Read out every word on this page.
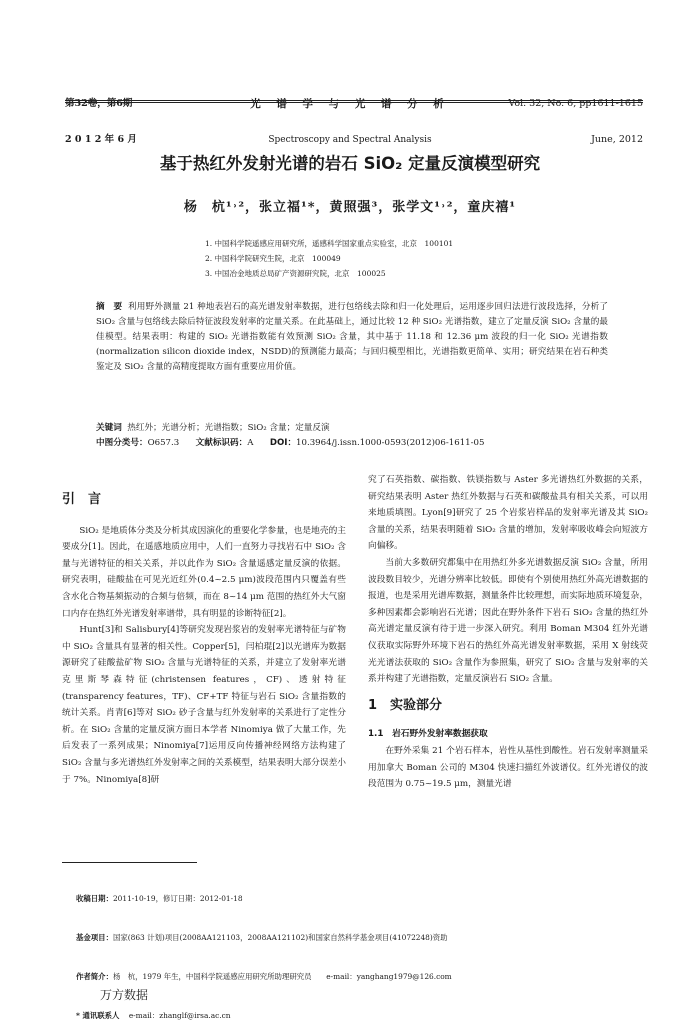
第32卷，第6期

2 0 1 2 年 6 月

光 谱 学 与 光 谱 分 析

Spectroscopy and Spectral Analysis

Vol. 32, No. 6, pp1611-1615

June, 2012

基于热红外发射光谱的岩石 SiO₂ 定量反演模型研究
杨　杭¹˒²，张立福¹*，黄照强³，张学文¹˒²，童庆禧¹
1. 中国科学院遥感应用研究所，遥感科学国家重点实验室，北京　100101
2. 中国科学院研究生院，北京　100049
3. 中国冶金地质总局矿产资源研究院，北京　100025
摘　要 利用野外测量 21 种地表岩石的高光谱发射率数据，进行包络线去除和归一化处理后，运用逐步回归法进行波段选择，分析了 SiO₂ 含量与包络线去除后特征波段发射率的定量关系。在此基础上，通过比较 12 种 SiO₂ 光谱指数，建立了定量反演 SiO₂ 含量的最佳模型。结果表明：构建的 SiO₂ 光谱指数能有效预测 SiO₂ 含量，其中基于 11.18 和 12.36 μm 波段的归一化 SiO₂ 光谱指数(normalization silicon dioxide index，NSDD)的预测能力最高；与回归模型相比，光谱指数更简单、实用；研究结果在岩石种类鉴定及 SiO₂ 含量的高精度提取方面有重要应用价值。
关键词 热红外；光谱分析；光谱指数；SiO₂ 含量；定量反演
中图分类号：O657.3 文献标识码：A DOI：10.3964/j.issn.1000-0593(2012)06-1611-05
引　言

SiO₂ 是地质体分类及分析其成因演化的重要化学参量，也是地壳的主要成分[1]。因此，在遥感地质应用中，人们一直努力寻找岩石中 SiO₂ 含量与光谱特征的相关关系，并以此作为 SiO₂ 含量遥感定量反演的依据。研究表明，硅酸盐在可见光近红外(0.4~2.5 μm)波段范围内只覆盖有些含水化合物基频振动的合频与倍频，而在 8~14 μm 范围的热红外大气窗口内存在热红外光谱发射率谱带，具有明显的诊断特征[2]。

Hunt[3]和 Salisbury[4]等研究发现岩浆岩的发射率光谱特征与矿物中 SiO₂ 含量具有显著的相关性。Copper[5]，闫柏琨[2]以光谱库为数据源研究了硅酸盐矿物 SiO₂ 含量与光谱特征的关系，并建立了发射率光谱克里斯琴森特征(christensen features，CF)、透射特征(transparency features，TF)、CF+TF 特征与岩石 SiO₂ 含量指数的统计关系。肖青[6]等对 SiO₂ 砂子含量与红外发射率的关系进行了定性分析。在 SiO₂ 含量的定量反演方面日本学者 Ninomiya 做了大量工作，先后发表了一系列成果；Ninomiya[7]运用反向传播神经网络方法构建了 SiO₂ 含量与多光谱热红外发射率之间的关系模型，结果表明大部分误差小于 7%。Ninomiya[8]研

究了石英指数、碳指数、铁镁指数与 Aster 多光谱热红外数据的关系，研究结果表明 Aster 热红外数据与石英和碳酸盐具有相关关系，可以用来地质填图。Lyon[9]研究了 25 个岩浆岩样品的发射率光谱及其 SiO₂ 含量的关系，结果表明随着 SiO₂ 含量的增加，发射率吸收峰会向短波方向偏移。

当前大多数研究都集中在用热红外多光谱数据反演 SiO₂ 含量，所用波段数目较少，光谱分辨率比较低。即使有个别使用热红外高光谱数据的报道，也是采用光谱库数据，测量条件比较理想，而实际地质环境复杂，多种因素都会影响岩石光谱；因此在野外条件下岩石 SiO₂ 含量的热红外高光谱定量反演有待于进一步深入研究。利用 Boman M304 红外光谱仪获取实际野外环境下岩石的热红外高光谱发射率数据，采用 X 射线荧光光谱法获取的 SiO₂ 含量作为参照集，研究了 SiO₂ 含量与发射率的关系并构建了光谱指数，定量反演岩石 SiO₂ 含量。

1　实验部分
1.1　岩石野外发射率数据获取

在野外采集 21 个岩石样本，岩性从基性到酸性。岩石发射率测量采用加拿大 Boman 公司的 M304 快速扫描红外波谱仪。红外光谱仪的波段范围为 0.75~19.5 μm，测量光谱

收稿日期：2011-10-19，修订日期：2012-01-18

基金项目：国家(863 计划)项目(2008AA121103，2008AA121102)和国家自然科学基金项目(41072248)资助

作者简介：杨　杭，1979 年生，中国科学院遥感应用研究所助理研究员　　e-mail：yanghang1979@126.com

* 通讯联系人 e-mail：zhanglf@irsa.ac.cn

万方数据
